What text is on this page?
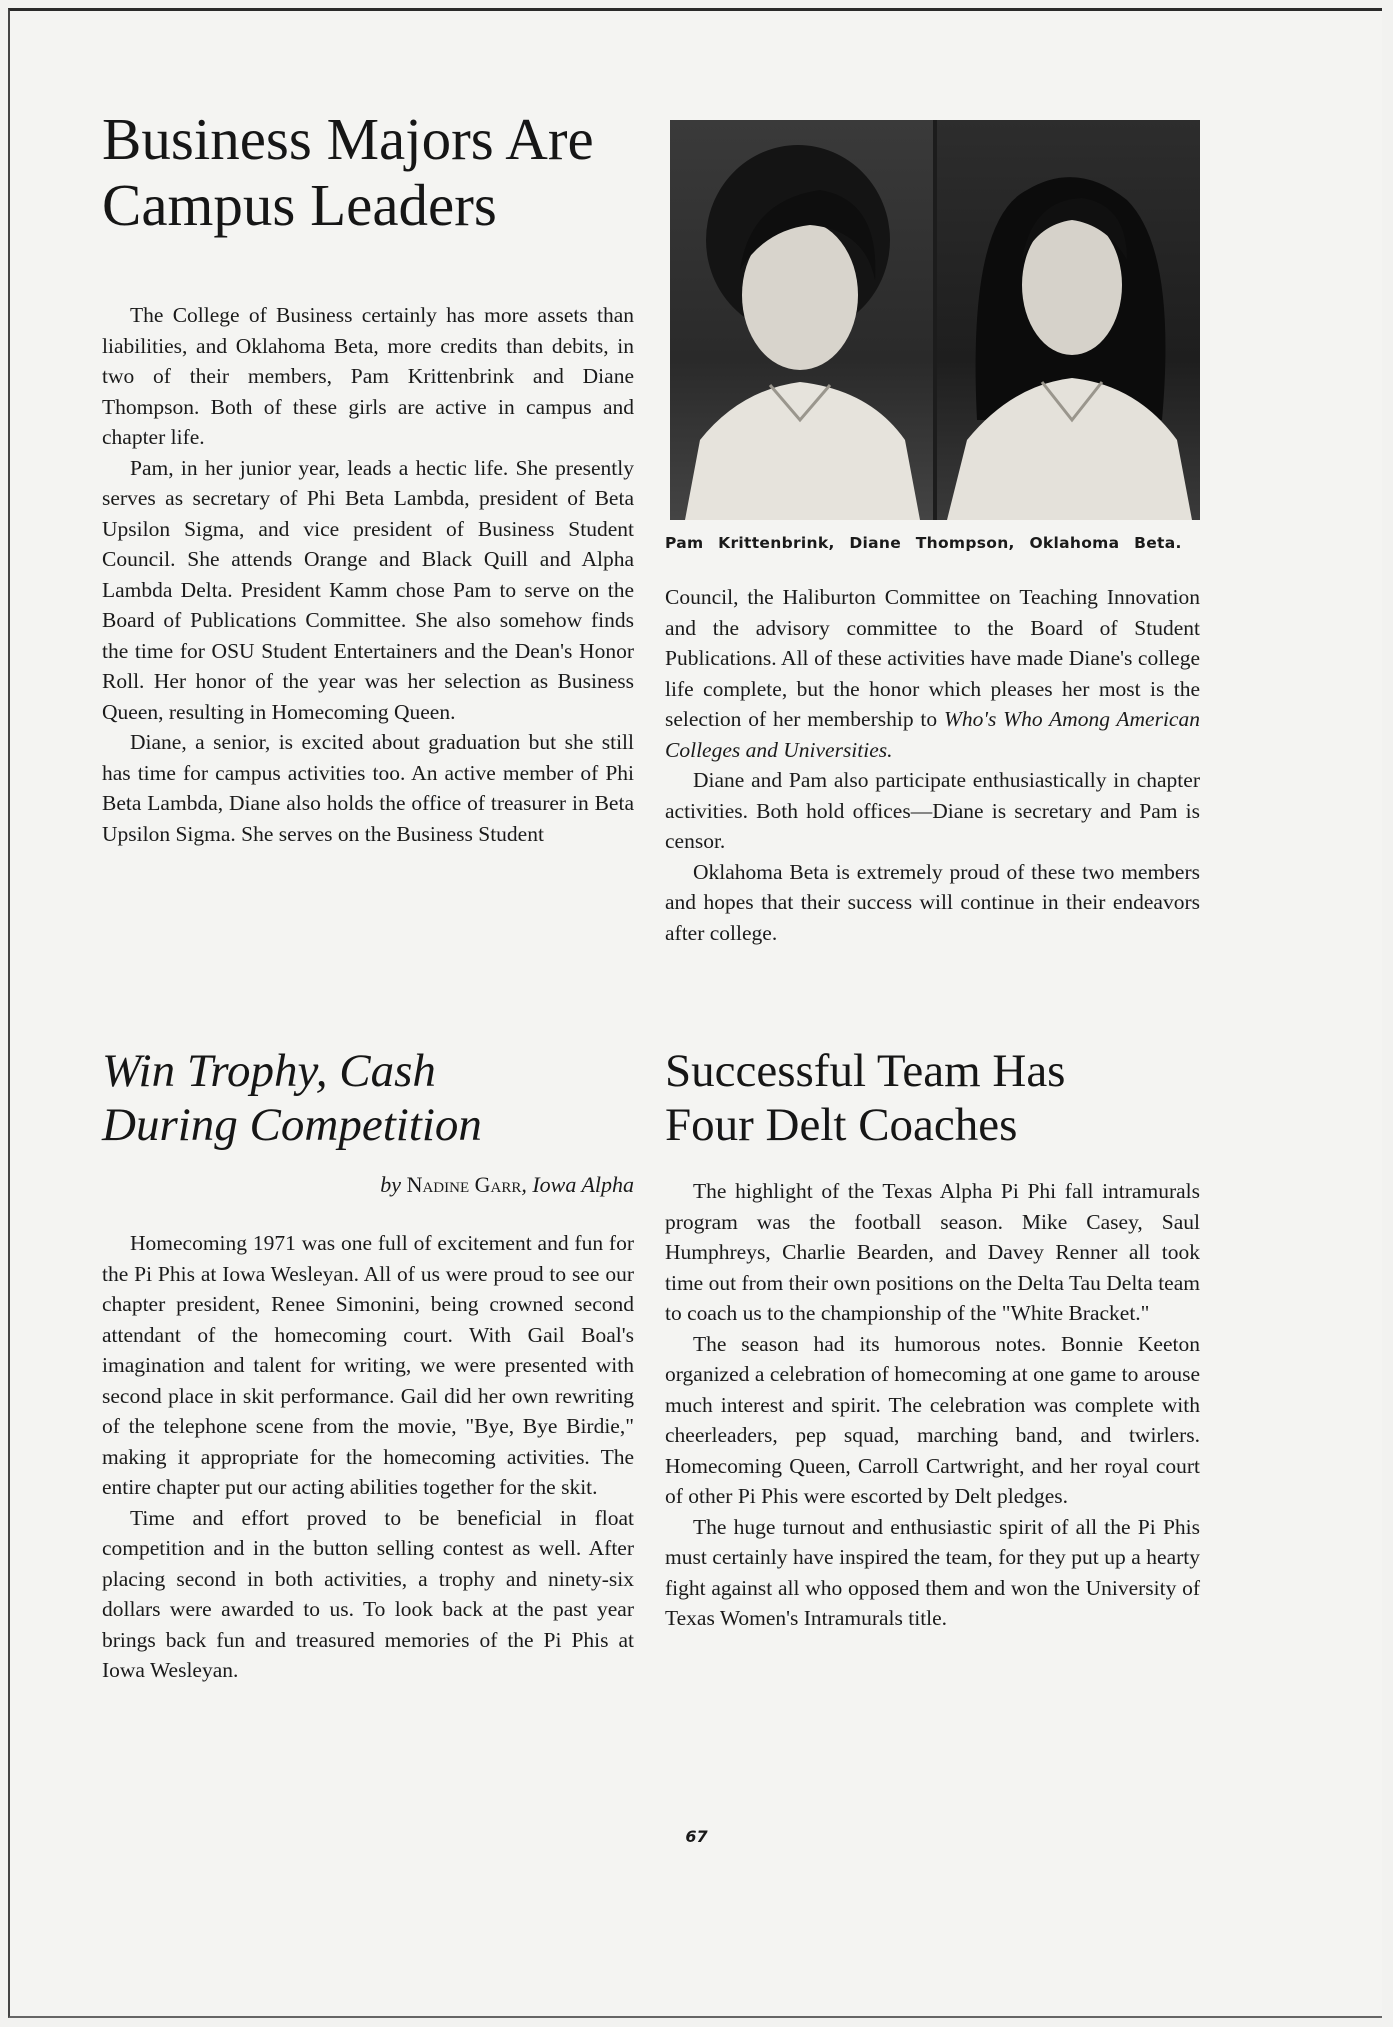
Business Majors Are
Campus Leaders

The College of Business certainly has more assets than liabilities, and Oklahoma Beta, more credits than debits, in two of their members, Pam Krittenbrink and Diane Thompson. Both of these girls are active in campus and chapter life.

Pam, in her junior year, leads a hectic life. She presently serves as secretary of Phi Beta Lambda, president of Beta Upsilon Sigma, and vice president of Business Student Council. She attends Orange and Black Quill and Alpha Lambda Delta. President Kamm chose Pam to serve on the Board of Publications Committee. She also somehow finds the time for OSU Student Entertainers and the Dean's Honor Roll. Her honor of the year was her selection as Business Queen, resulting in Homecoming Queen.

Diane, a senior, is excited about graduation but she still has time for campus activities too. An active member of Phi Beta Lambda, Diane also holds the office of treasurer in Beta Upsilon Sigma. She serves on the Business Student

Pam Krittenbrink, Diane Thompson, Oklahoma Beta.

Council, the Haliburton Committee on Teaching Innovation and the advisory committee to the Board of Student Publications. All of these activities have made Diane's college life complete, but the honor which pleases her most is the selection of her membership to Who's Who Among American Colleges and Universities.

Diane and Pam also participate enthusiastically in chapter activities. Both hold offices—Diane is secretary and Pam is censor.

Oklahoma Beta is extremely proud of these two members and hopes that their success will continue in their endeavors after college.

Win Trophy, Cash
During Competition
by Nadine Garr, Iowa Alpha

Homecoming 1971 was one full of excitement and fun for the Pi Phis at Iowa Wesleyan. All of us were proud to see our chapter president, Renee Simonini, being crowned second attendant of the homecoming court. With Gail Boal's imagination and talent for writing, we were presented with second place in skit performance. Gail did her own rewriting of the telephone scene from the movie, "Bye, Bye Birdie," making it appropriate for the homecoming activities. The entire chapter put our acting abilities together for the skit.

Time and effort proved to be beneficial in float competition and in the button selling contest as well. After placing second in both activities, a trophy and ninety-six dollars were awarded to us. To look back at the past year brings back fun and treasured memories of the Pi Phis at Iowa Wesleyan.

Successful Team Has
Four Delt Coaches

The highlight of the Texas Alpha Pi Phi fall intramurals program was the football season. Mike Casey, Saul Humphreys, Charlie Bearden, and Davey Renner all took time out from their own positions on the Delta Tau Delta team to coach us to the championship of the "White Bracket."

The season had its humorous notes. Bonnie Keeton organized a celebration of homecoming at one game to arouse much interest and spirit. The celebration was complete with cheerleaders, pep squad, marching band, and twirlers. Homecoming Queen, Carroll Cartwright, and her royal court of other Pi Phis were escorted by Delt pledges.

The huge turnout and enthusiastic spirit of all the Pi Phis must certainly have inspired the team, for they put up a hearty fight against all who opposed them and won the University of Texas Women's Intramurals title.

67
